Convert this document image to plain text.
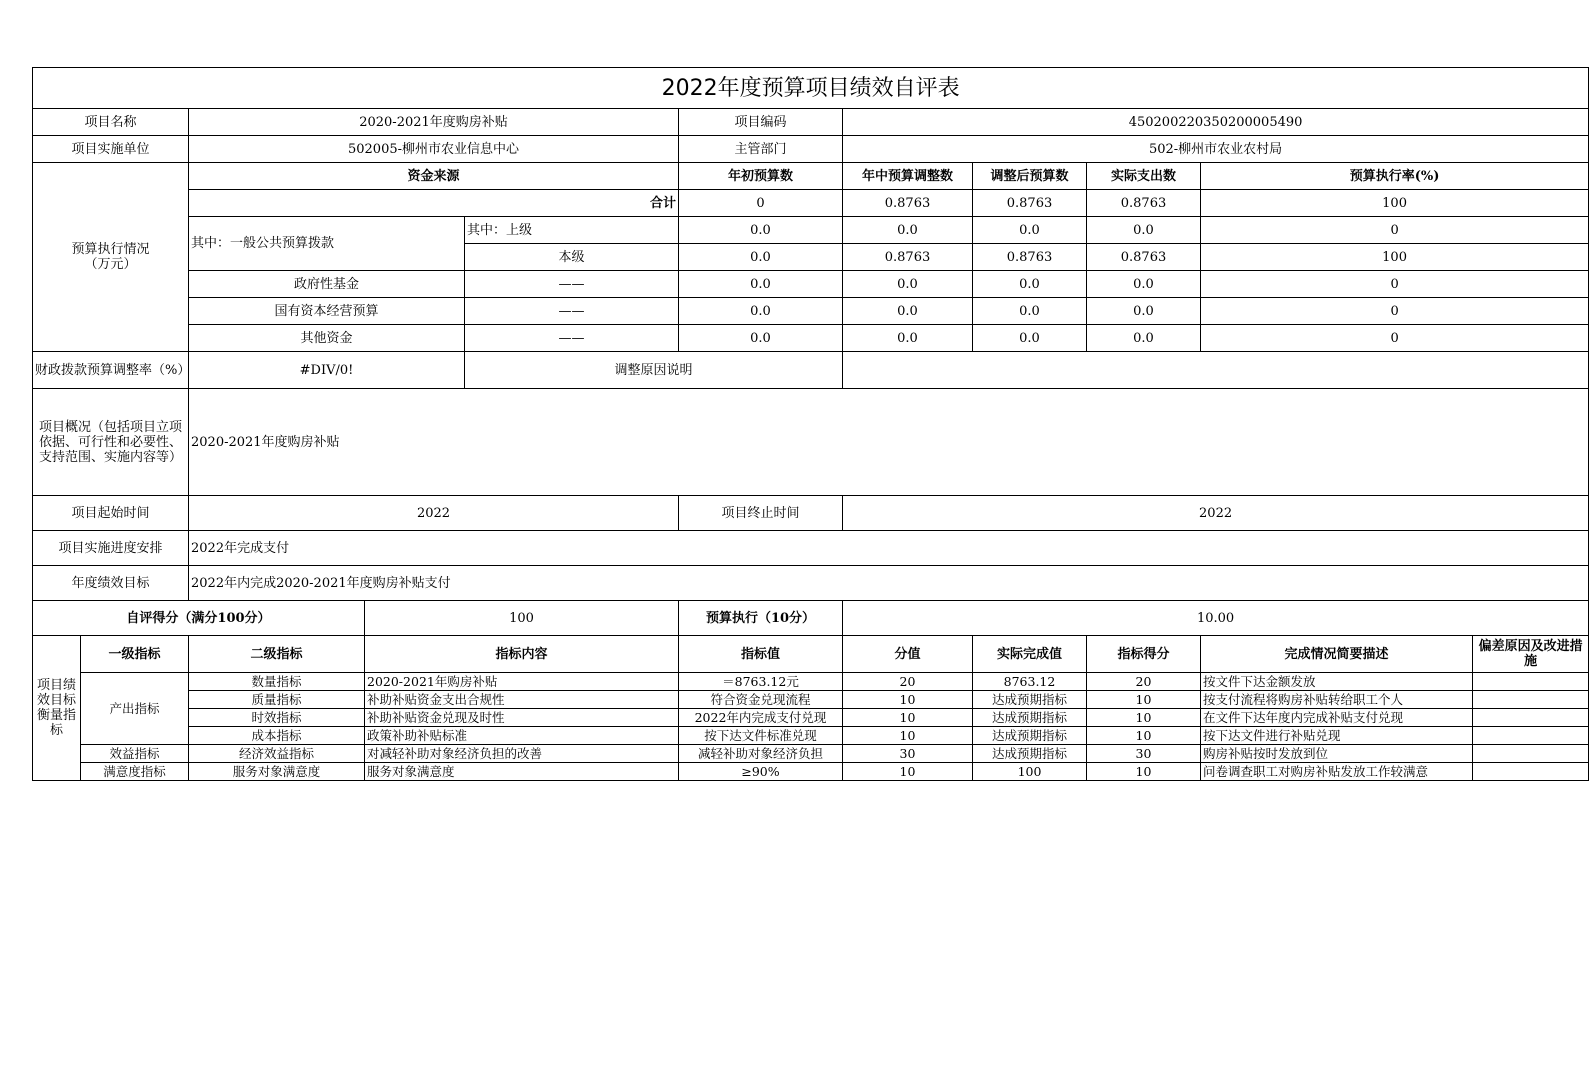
2022年度预算项目绩效自评表										
项目名称		2020-2021年度购房补贴			项目编码	450200220350200005490				
项目实施单位		502005-柳州市农业信息中心			主管部门	502-柳州市农业农村局				
预算执行情况
（万元）		资金来源			年初预算数	年中预算调整数	调整后预算数	实际支出数	预算执行率(%)	
		合计			0	0.8763	0.8763	0.8763	100	
		其中：一般公共预算拨款		其中：上级	0.0	0.0	0.0	0.0	0	
				本级	0.0	0.8763	0.8763	0.8763	100	
		政府性基金		——	0.0	0.0	0.0	0.0	0	
		国有资本经营预算		——	0.0	0.0	0.0	0.0	0	
		其他资金		——	0.0	0.0	0.0	0.0	0	
财政拨款预算调整率（%）		#DIV/0!		调整原因说明						
项目概况（包括项目立项依据、可行性和必要性、支持范围、实施内容等）		2020-2021年度购房补贴								
项目起始时间		2022			项目终止时间	2022				
项目实施进度安排		2022年完成支付								
年度绩效目标		2022年内完成2020-2021年度购房补贴支付								
自评得分（满分100分）			100		预算执行（10分）	10.00				
项目绩效目标衡量指标	一级指标	二级指标	指标内容		指标值	分值	实际完成值	指标得分	完成情况简要描述	偏差原因及改进措施
	产出指标	数量指标	2020-2021年购房补贴		＝8763.12元	20	8763.12	20	按文件下达金额发放	
		质量指标	补助补贴资金支出合规性		符合资金兑现流程	10	达成预期指标	10	按支付流程将购房补贴转给职工个人	
		时效指标	补助补贴资金兑现及时性		2022年内完成支付兑现	10	达成预期指标	10	在文件下达年度内完成补贴支付兑现	
		成本指标	政策补助补贴标准		按下达文件标准兑现	10	达成预期指标	10	按下达文件进行补贴兑现	
	效益指标	经济效益指标	对减轻补助对象经济负担的改善		减轻补助对象经济负担	30	达成预期指标	30	购房补贴按时发放到位	
	满意度指标	服务对象满意度	服务对象满意度		≥90%	10	100	10	问卷调查职工对购房补贴发放工作较满意	
